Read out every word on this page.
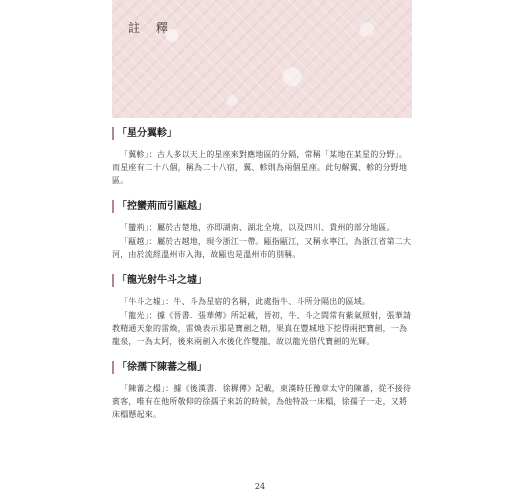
註 釋
「星分翼軫」

「翼軫」：古人多以天上的星座來對應地區的分隔，常稱「某地在某星的分野」。而星座有二十八個，稱為二十八宿，翼、軫則為兩個星座。此句解翼、軫的分野地區。

「控蠻荊而引甌越」

「蠻荊」：屬於古楚地，亦即湖南、湖北全境，以及四川、貴州的部分地區。

「甌越」：屬於古越地，現今浙江一帶。甌指甌江，又稱永寧江，為浙江省第二大河，由於流經溫州市入海，故甌也是溫州市的別稱。

「龍光射牛斗之墟」

「牛斗之墟」：牛、斗為星宿的名稱，此處指牛、斗所分隔出的區域。

「龍光」：據《晉書．張華傳》所記載，晉初，牛、斗之間常有紫氣照射，張華請教精通天象的雷煥，雷煥表示那是寶劍之精，果真在豐城地下挖得兩把寶劍，一為龍泉，一為太阿，後來兩劍入水後化作雙龍，故以龍光借代寶劍的光輝。

「徐孺下陳蕃之榻」

「陳蕃之榻」：據《後漢書．徐穉傳》記載，東漢時任豫章太守的陳蕃，從不接待賓客，唯有在他所敬仰的徐孺子來訪的時候，為他特設一床榻，徐孺子一走，又將床榻懸起來。

24
